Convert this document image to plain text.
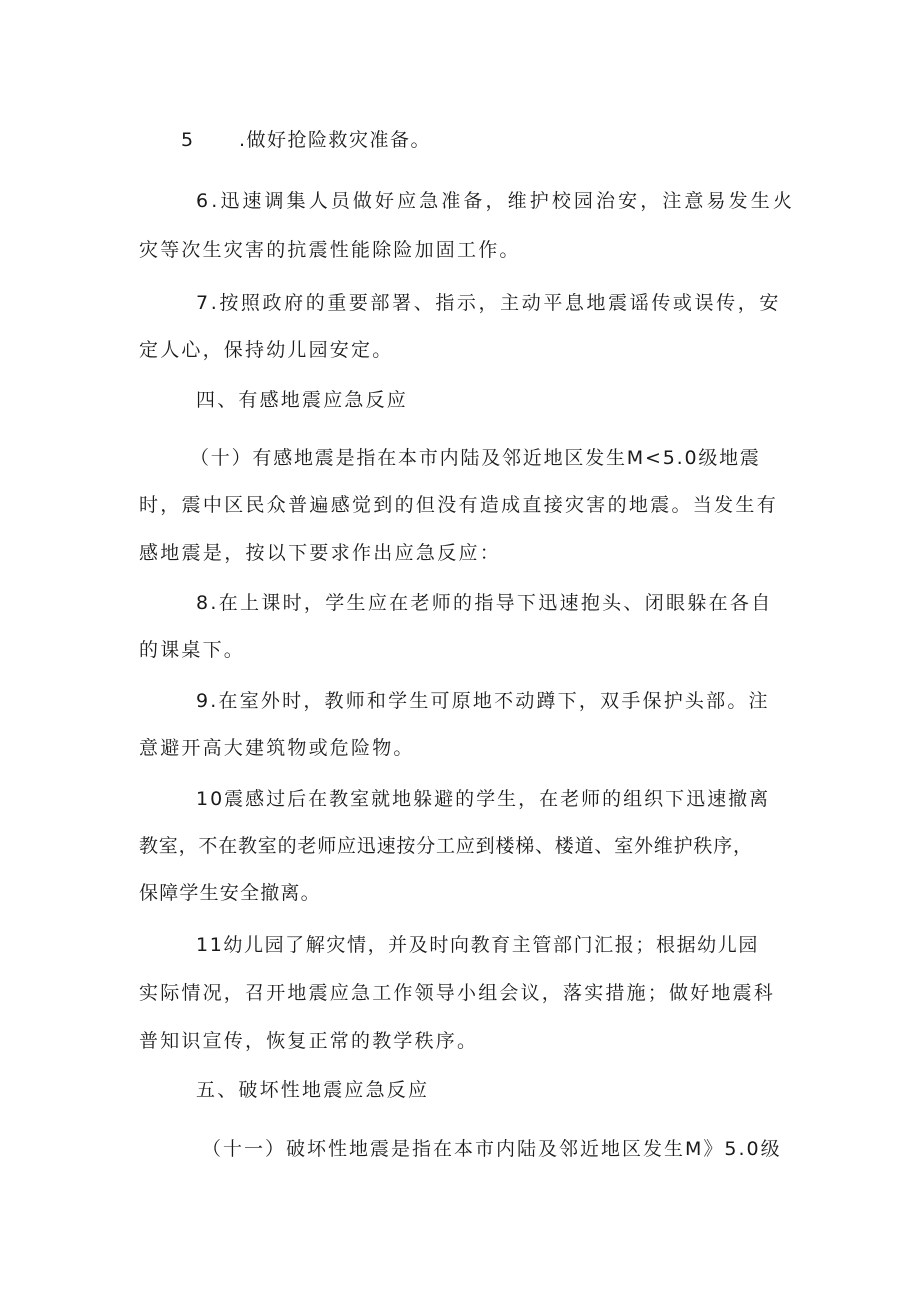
5 .做好抢险救灾准备。
6.迅速调集人员做好应急准备，维护校园治安，注意易发生火
灾等次生灾害的抗震性能除险加固工作。
7.按照政府的重要部署、指示，主动平息地震谣传或误传，安
定人心，保持幼儿园安定。
四、有感地震应急反应
（十）有感地震是指在本市内陆及邻近地区发生M<5.0级地震
时，震中区民众普遍感觉到的但没有造成直接灾害的地震。当发生有
感地震是，按以下要求作出应急反应：
8.在上课时，学生应在老师的指导下迅速抱头、闭眼躲在各自
的课桌下。
9.在室外时，教师和学生可原地不动蹲下，双手保护头部。注
意避开高大建筑物或危险物。
10震感过后在教室就地躲避的学生，在老师的组织下迅速撤离
教室，不在教室的老师应迅速按分工应到楼梯、楼道、室外维护秩序，
保障学生安全撤离。
11幼儿园了解灾情，并及时向教育主管部门汇报；根据幼儿园
实际情况，召开地震应急工作领导小组会议，落实措施；做好地震科
普知识宣传，恢复正常的教学秩序。
五、破坏性地震应急反应
（十一）破坏性地震是指在本市内陆及邻近地区发生M》5.0级
